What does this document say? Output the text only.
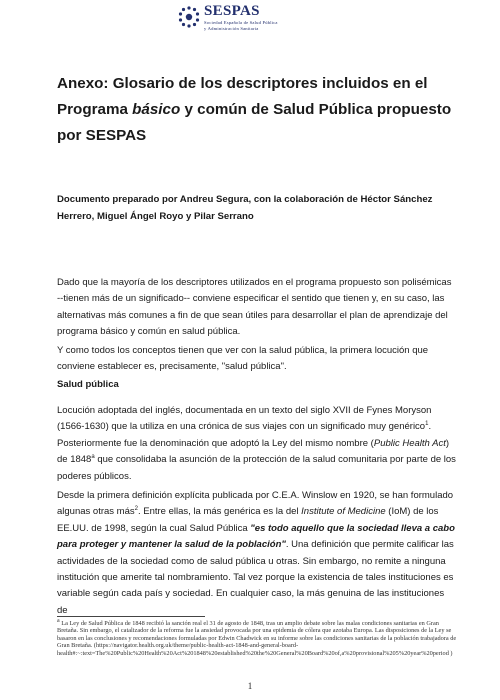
SESPAS
Sociedad Española de Salud Pública
y Administración Sanitaria
Anexo: Glosario de los descriptores incluidos en el Programa básico y común de Salud Pública propuesto por SESPAS

Documento preparado por Andreu Segura, con la colaboración de Héctor Sánchez Herrero, Miguel Ángel Royo y Pilar Serrano

Dado que la mayoría de los descriptores utilizados en el programa propuesto son polisémicas --tienen más de un significado-- conviene especificar el sentido que tienen y, en su caso, las alternativas más comunes a fin de que sean útiles para desarrollar el plan de aprendizaje del programa básico y común en salud pública.

Y como todos los conceptos tienen que ver con la salud pública, la primera locución que conviene establecer es, precisamente, "salud pública".

Salud pública

Locución adoptada del inglés, documentada en un texto del siglo XVII de Fynes Moryson (1566-1630) que la utiliza en una crónica de sus viajes con un significado muy genérico$^1$. Posteriormente fue la denominación que adoptó la Ley del mismo nombre (Public Health Act) de 1848$^a$ que consolidaba la asunción de la protección de la salud comunitaria por parte de los poderes públicos.

Desde la primera definición explícita publicada por C.E.A. Winslow en 1920, se han formulado algunas otras más$^2$. Entre ellas, la más genérica es la del Institute of Medicine (IoM) de los EE.UU. de 1998, según la cual Salud Pública "es todo aquello que la sociedad lleva a cabo para proteger y mantener la salud de la población". Una definición que permite calificar las actividades de la sociedad como de salud pública u otras. Sin embargo, no remite a ninguna institución que amerite tal nombramiento. Tal vez porque la existencia de tales instituciones es variable según cada país y sociedad. En cualquier caso, la más genuina de las instituciones de

$^a$ La Ley de Salud Pública de 1848 recibió la sanción real el 31 de agosto de 1848, tras un amplio debate sobre las malas condiciones sanitarias en Gran Bretaña. Sin embargo, el catalizador de la reforma fue la ansiedad provocada por una epidemia de cólera que azotaba Europa. Las disposiciones de la Ley se basaron en las conclusiones y recomendaciones formuladas por Edwin Chadwick en su informe sobre las condiciones sanitarias de la población trabajadora de Gran Bretaña. (https://navigator.health.org.uk/theme/public-health-act-1848-and-general-board-health#:~:text=The%20Public%20Health%20Act%201848%20established%20the%20General%20Board%20of,a%20provisional%205%20year%20period )

1
